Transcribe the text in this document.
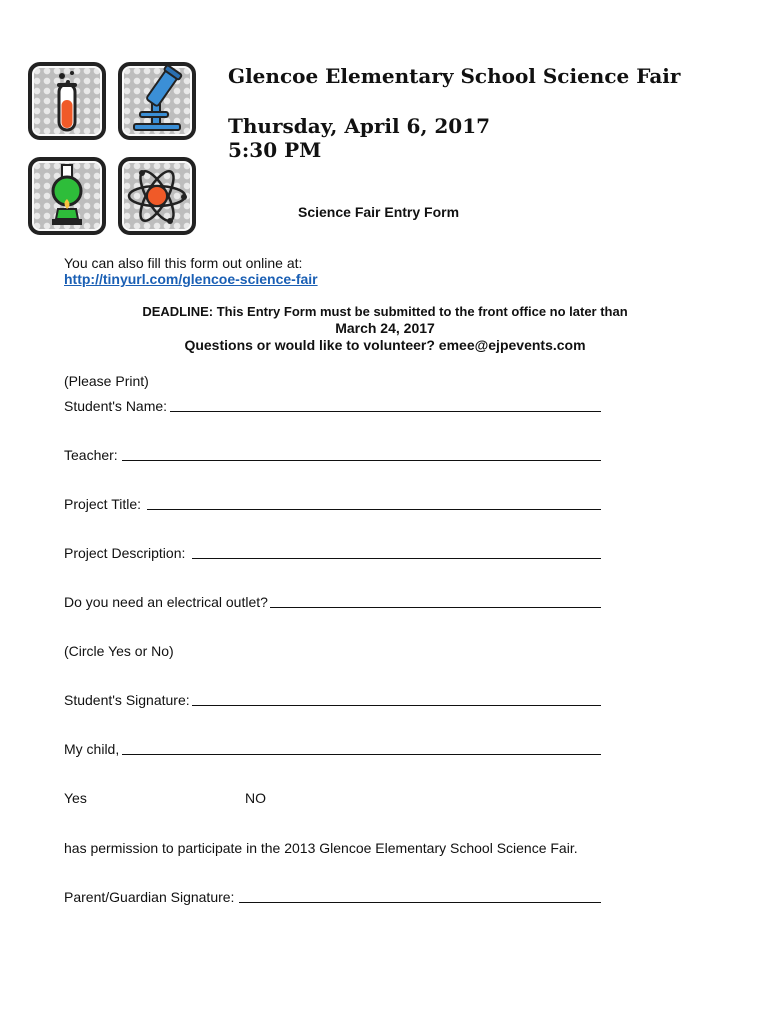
Glencoe Elementary School Science Fair
Thursday, April 6, 2017
5:30 PM
Science Fair Entry Form
You can also fill this form out online at:
http://tinyurl.com/glencoe-science-fair
DEADLINE: This Entry Form must be submitted to the front office no later than
March 24, 2017
Questions or would like to volunteer? emee@ejpevents.com
(Please Print)
Student's Name:
Teacher:
Project Title:
Project Description:
Do you need an electrical outlet?
(Circle Yes or No)
Student's Signature:
My child,
Yes	NO
has permission to participate in the 2013 Glencoe Elementary School Science Fair.
Parent/Guardian Signature:
